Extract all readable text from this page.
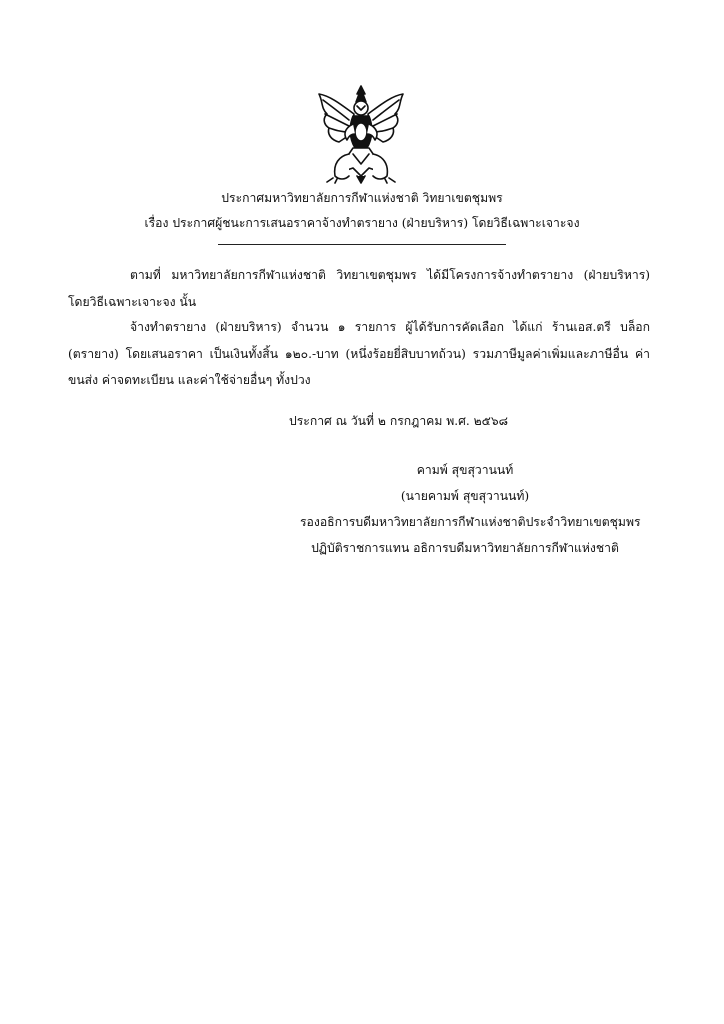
ประกาศมหาวิทยาลัยการกีฬาแห่งชาติ วิทยาเขตชุมพร
เรื่อง ประกาศผู้ชนะการเสนอราคาจ้างทำตรายาง (ฝ่ายบริหาร) โดยวิธีเฉพาะเจาะจง
ตามที่ มหาวิทยาลัยการกีฬาแห่งชาติ วิทยาเขตชุมพร ได้มีโครงการจ้างทำตรายาง (ฝ่ายบริหาร)
โดยวิธีเฉพาะเจาะจง นั้น
จ้างทำตรายาง (ฝ่ายบริหาร) จำนวน ๑ รายการ ผู้ได้รับการคัดเลือก ได้แก่ ร้านเอส.ตรี บล็อก
(ตรายาง) โดยเสนอราคา เป็นเงินทั้งสิ้น ๑๒๐.-บาท (หนึ่งร้อยยี่สิบบาทถ้วน) รวมภาษีมูลค่าเพิ่มและภาษีอื่น ค่า
ขนส่ง ค่าจดทะเบียน และค่าใช้จ่ายอื่นๆ ทั้งปวง
ประกาศ ณ วันที่ ๒ กรกฎาคม พ.ศ. ๒๕๖๘
คามพ์ สุขสุวานนท์
(นายคามพ์ สุขสุวานนท์)
รองอธิการบดีมหาวิทยาลัยการกีฬาแห่งชาติประจำวิทยาเขตชุมพร
ปฏิบัติราชการแทน อธิการบดีมหาวิทยาลัยการกีฬาแห่งชาติ
